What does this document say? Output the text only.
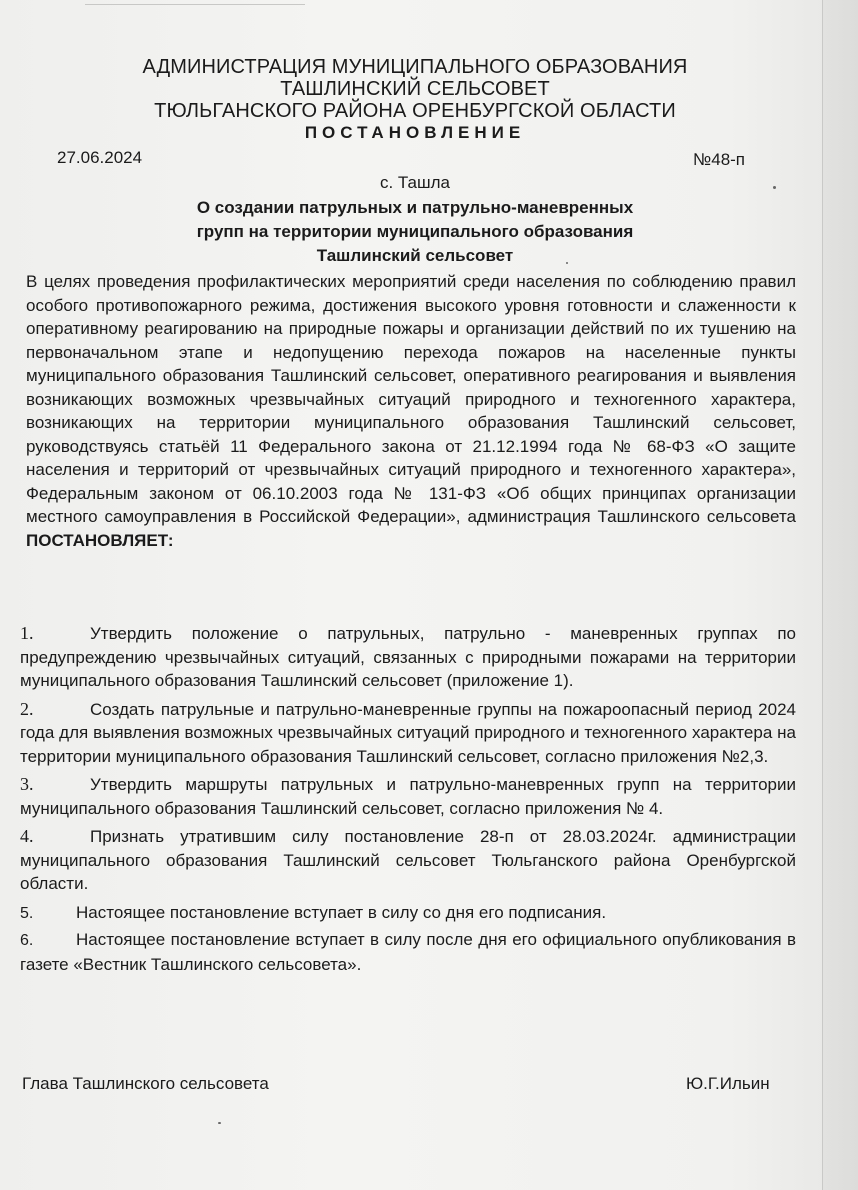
АДМИНИСТРАЦИЯ МУНИЦИПАЛЬНОГО ОБРАЗОВАНИЯ
ТАШЛИНСКИЙ СЕЛЬСОВЕТ
ТЮЛЬГАНСКОГО РАЙОНА ОРЕНБУРГСКОЙ ОБЛАСТИ
ПОСТАНОВЛЕНИЕ
27.06.2024	№48-п
с. Ташла
О создании патрульных и патрульно-маневренных
групп на территории муниципального образования
Ташлинский сельсовет
В целях проведения профилактических мероприятий среди населения по соблюдению правил особого противопожарного режима, достижения высокого уровня готовности и слаженности к оперативному реагированию на природные пожары и организации действий по их тушению на первоначальном этапе и недопущению перехода пожаров на населенные пункты муниципального образования Ташлинский сельсовет, оперативного реагирования и выявления возникающих возможных чрезвычайных ситуаций природного и техногенного характера, возникающих на территории муниципального образования Ташлинский сельсовет, руководствуясь статьёй 11 Федерального закона от 21.12.1994 года № 68-ФЗ «О защите населения и территорий от чрезвычайных ситуаций природного и техногенного характера», Федеральным законом от 06.10.2003 года № 131-ФЗ «Об общих принципах организации местного самоуправления в Российской Федерации», администрация Ташлинского сельсовета ПОСТАНОВЛЯЕТ:
1.	Утвердить положение о патрульных, патрульно - маневренных группах по предупреждению чрезвычайных ситуаций, связанных с природными пожарами на территории муниципального образования Ташлинский сельсовет (приложение 1).
2.	Создать патрульные и патрульно-маневренные группы на пожароопасный период 2024 года для выявления возможных чрезвычайных ситуаций природного и техногенного характера на территории муниципального образования Ташлинский сельсовет, согласно приложения №2,3.
3.	Утвердить маршруты патрульных и патрульно-маневренных групп на территории муниципального образования Ташлинский сельсовет, согласно приложения № 4.
4.	Признать утратившим силу постановление 28-п от 28.03.2024г. администрации муниципального образования Ташлинский сельсовет Тюльганского района Оренбургской области.
5.	Настоящее постановление вступает в силу со дня его подписания.
6.	Настоящее постановление вступает в силу после дня его официального опубликования в газете «Вестник Ташлинского сельсовета».
Глава Ташлинского сельсовета	Ю.Г.Ильин
